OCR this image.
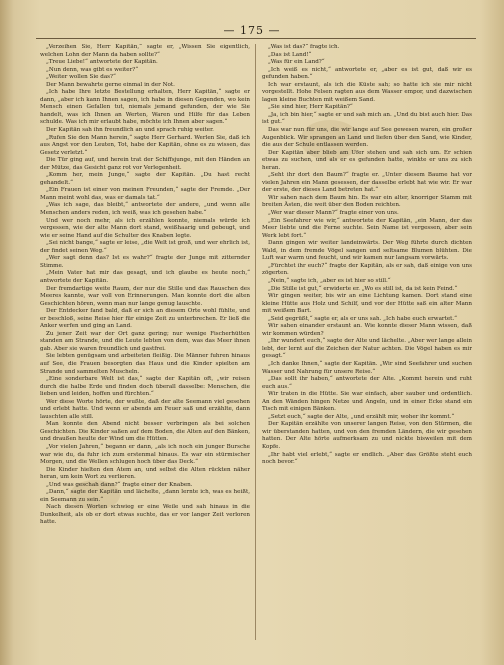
— 175 —

„Verzeihen Sie, Herr Kapitän,“ sagte er, „Wissen Sie eigentlich, welchen Lohn der Mann da haben sollte?“

„Treue Liebe!“ antwortete der Kapitän.

„Nun denn, was gibt es weiter?“

„Weiter wollen Sie das?“

Der Mann bewahrte gerne einmal in der Not.

„Ich habe Ihre letzte Bestellung erhalten, Herr Kapitän,“ sagte er dann, „aber ich kann Ihnen sagen, ich habe in diesen Gegenden, wo kein Mensch einen Gefallen tut, niemals jemand gefunden, der wie Sie handelt, was ich Ihnen an Werten, Waren und Hilfe für das Leben schulde. Was ich mir erlaubt habe, möchte ich Ihnen aber sagen.“

Der Kapitän sah ihn freundlich an und sprach ruhig weiter.

„Rufen Sie den Mann herein,“ sagte Herr Gerhard. Werlen Sie, daß ich aus Angst vor den Leuten, Tot, habe der Kapitän, ohne es zu wissen, das Gesetz verletzt.“

Die Tür ging auf, und herein trat der Schiffsjunge, mit den Händen an der Mütze, das Gesicht ganz rot vor Verlegenheit.

„Komm her, mein Junge,“ sagte der Kapitän. „Du hast recht gehandelt.“

„Ein Frauen ist einer von meinen Freunden,“ sagte der Fremde. „Der Mann meint wohl das, was er damals tat.“

„Was ich sage, das bleibt,“ antwortete der andere, „und wenn alle Menschen anders reden, ich weiß, was ich gesehen habe.“

Und wer noch mehr, als ich erzählen konnte, niemals würde ich vergessen, wie der alte Mann dort stand, weißhaarig und gebeugt, und wie er seine Hand auf die Schulter des Knaben legte.

„Sei nicht bange,“ sagte er leise, „die Welt ist groß, und wer ehrlich ist, der findet seinen Weg.“

„Wer sagt denn das? Ist es wahr?“ fragte der Junge mit zitternder Stimme.

„Mein Vater hat mir das gesagt, und ich glaube es heute noch,“ antwortete der Kapitän.

Der fremdartige weite Raum, der nur die Stille und das Rauschen des Meeres kannte, war voll von Erinnerungen. Man konnte dort die alten Geschichten hören, wenn man nur lange genug lauschte.

Der Entdecker fand bald, daß er sich an diesem Orte wohl fühlte, und er beschloß, seine Reise hier für einige Zeit zu unterbrechen. Er ließ die Anker werfen und ging an Land.

Zu jener Zeit war der Ort ganz gering; nur wenige Fischerhütten standen am Strande, und die Leute lebten von dem, was das Meer ihnen gab. Aber sie waren freundlich und gastfrei.

Sie lebten genügsam und arbeiteten fleißig. Die Männer fuhren hinaus auf See, die Frauen besorgten das Haus und die Kinder spielten am Strande und sammelten Muscheln.

„Eine sonderbare Welt ist das,“ sagte der Kapitän oft, „wir reisen durch die halbe Erde und finden doch überall dasselbe: Menschen, die lieben und leiden, hoffen und fürchten.“

Wer diese Worte hörte, der wußte, daß der alte Seemann viel gesehen und erlebt hatte. Und wenn er abends am Feuer saß und erzählte, dann lauschten alle still.

Man konnte den Abend nicht besser verbringen als bei solchen Geschichten. Die Kinder saßen auf dem Boden, die Alten auf den Bänken, und draußen heulte der Wind um die Hütten.

„Vor vielen Jahren,“ begann er dann, „als ich noch ein junger Bursche war wie du, da fuhr ich zum erstenmal hinaus. Es war ein stürmischer Morgen, und die Wellen schlugen hoch über das Deck.“

Die Kinder hielten den Atem an, und selbst die Alten rückten näher heran, um kein Wort zu verlieren.

„Und was geschah dann?“ fragte einer der Knaben.

„Dann,“ sagte der Kapitän und lächelte, „dann lernte ich, was es heißt, ein Seemann zu sein.“

Nach diesen Worten schwieg er eine Weile und sah hinaus in die Dunkelheit, als ob er dort etwas suchte, das er vor langer Zeit verloren hatte.

„Was ist das?“ fragte ich.

„Das ist Land!“

„Was für ein Land?“

„Ich weiß es nicht,“ antwortete er, „aber es ist gut, daß wir es gefunden haben.“

Ich war erstaunt, als ich die Küste sah; so hatte ich sie mir nicht vorgestellt. Hohe Felsen ragten aus dem Wasser empor, und dazwischen lagen kleine Buchten mit weißem Sand.

„Sie sind hier, Herr Kapitän?“

„Ja, ich bin hier,“ sagte er und sah mich an. „Und du bist auch hier. Das ist gut.“

Das war nun für uns, die wir lange auf See gewesen waren, ein großer Augenblick. Wir sprangen an Land und liefen über den Sand, wie Kinder, die aus der Schule entlassen werden.

Der Kapitän aber blieb am Ufer stehen und sah sich um. Er schien etwas zu suchen, und als er es gefunden hatte, winkte er uns zu sich heran.

„Seht ihr dort den Baum?“ fragte er. „Unter diesem Baume hat vor vielen Jahren ein Mann gesessen, der dasselbe erlebt hat wie wir. Er war der erste, der dieses Land betreten hat.“

Wir sahen nach dem Baum hin. Es war ein alter, knorriger Stamm mit breiten Ästen, die weit über den Boden reichten.

„Wer war dieser Mann?“ fragte einer von uns.

„Ein Seefahrer wie wir,“ antwortete der Kapitän, „ein Mann, der das Meer liebte und die Ferne suchte. Sein Name ist vergessen, aber sein Werk lebt fort.“

Dann gingen wir weiter landeinwärts. Der Weg führte durch dichten Wald, in dem fremde Vögel sangen und seltsame Blumen blühten. Die Luft war warm und feucht, und wir kamen nur langsam vorwärts.

„Fürchtet ihr euch?“ fragte der Kapitän, als er sah, daß einige von uns zögerten.

„Nein,“ sagte ich, „aber es ist hier so still.“

„Die Stille ist gut,“ erwiderte er. „Wo es still ist, da ist kein Feind.“

Wir gingen weiter, bis wir an eine Lichtung kamen. Dort stand eine kleine Hütte aus Holz und Schilf, und vor der Hütte saß ein alter Mann mit weißem Bart.

„Seid gegrüßt,“ sagte er, als er uns sah. „Ich habe euch erwartet.“

Wir sahen einander erstaunt an. Wie konnte dieser Mann wissen, daß wir kommen würden?

„Ihr wundert euch,“ sagte der Alte und lächelte. „Aber wer lange allein lebt, der lernt auf die Zeichen der Natur achten. Die Vögel haben es mir gesagt.“

„Ich danke Ihnen,“ sagte der Kapitän. „Wir sind Seefahrer und suchen Wasser und Nahrung für unsere Reise.“

„Das sollt ihr haben,“ antwortete der Alte. „Kommt herein und ruht euch aus.“

Wir traten in die Hütte. Sie war einfach, aber sauber und ordentlich. An den Wänden hingen Netze und Angeln, und in einer Ecke stand ein Tisch mit einigen Bänken.

„Setzt euch,“ sagte der Alte, „und erzählt mir, woher ihr kommt.“

Der Kapitän erzählte von unserer langen Reise, von den Stürmen, die wir überstanden hatten, und von den fremden Ländern, die wir gesehen hatten. Der Alte hörte aufmerksam zu und nickte bisweilen mit dem Kopfe.

„Ihr habt viel erlebt,“ sagte er endlich. „Aber das Größte steht euch noch bevor.“
